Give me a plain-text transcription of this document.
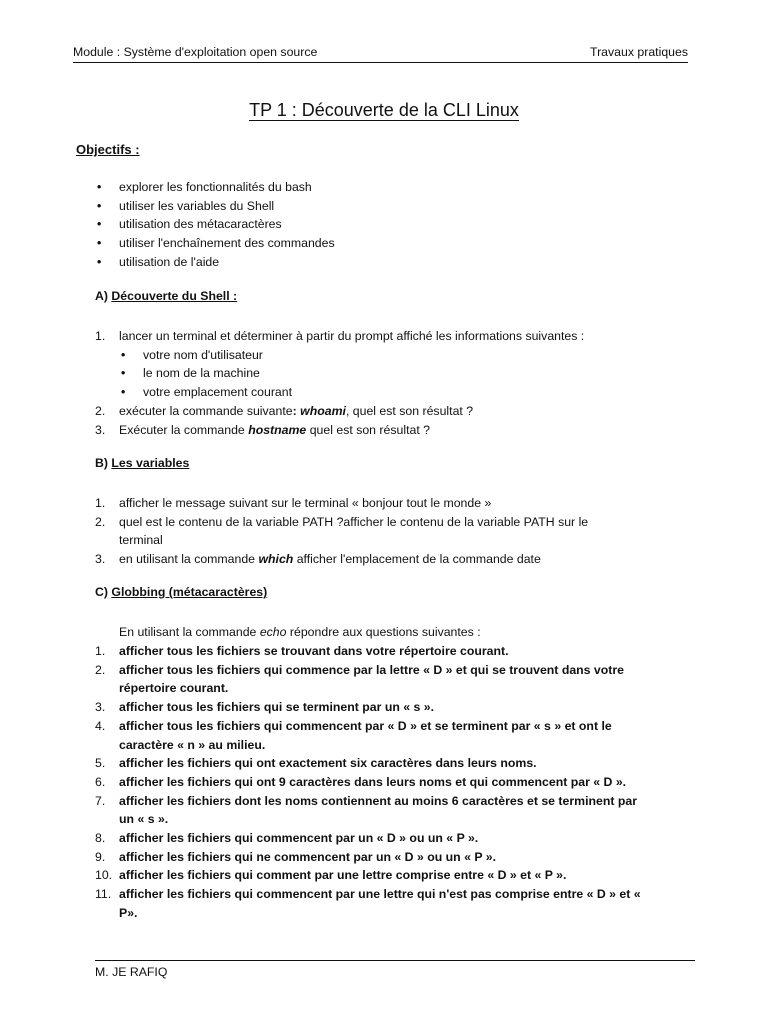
Module : Système d'exploitation open source	Travaux pratiques
TP 1 : Découverte de la CLI Linux
Objectifs :
• explorer les fonctionnalités du bash
• utiliser les variables du Shell
• utilisation des métacaractères
• utiliser l'enchaînement des commandes
• utilisation de l'aide
A) Découverte du Shell :
1. lancer un terminal et déterminer à partir du prompt affiché les informations suivantes :
• votre nom d'utilisateur
• le nom de la machine
• votre emplacement courant
2. exécuter la commande suivante: whoami, quel est son résultat ?
3. Exécuter la commande hostname quel est son résultat ?
B) Les variables
1. afficher le message suivant sur le terminal « bonjour tout le monde »
2. quel est le contenu de la variable PATH ?afficher le contenu de la variable PATH sur le
terminal
3. en utilisant la commande which afficher l'emplacement de la commande date
C) Globbing (métacaractères)
En utilisant la commande echo répondre aux questions suivantes :
1. afficher tous les fichiers se trouvant dans votre répertoire courant.
2. afficher tous les fichiers qui commence par la lettre « D » et qui se trouvent dans votre
répertoire courant.
3. afficher tous les fichiers qui se terminent par un « s ».
4. afficher tous les fichiers qui commencent par « D » et se terminent par « s » et ont le
caractère « n » au milieu.
5. afficher les fichiers qui ont exactement six caractères dans leurs noms.
6. afficher les fichiers qui ont 9 caractères dans leurs noms et qui commencent par « D ».
7. afficher les fichiers dont les noms contiennent au moins 6 caractères et se terminent par
un « s ».
8. afficher les fichiers qui commencent par un « D » ou un « P ».
9. afficher les fichiers qui ne commencent par un « D » ou un « P ».
10. afficher les fichiers qui comment par une lettre comprise entre « D » et « P ».
11. afficher les fichiers qui commencent par une lettre qui n'est pas comprise entre « D » et «
P».
M. JE RAFIQ
